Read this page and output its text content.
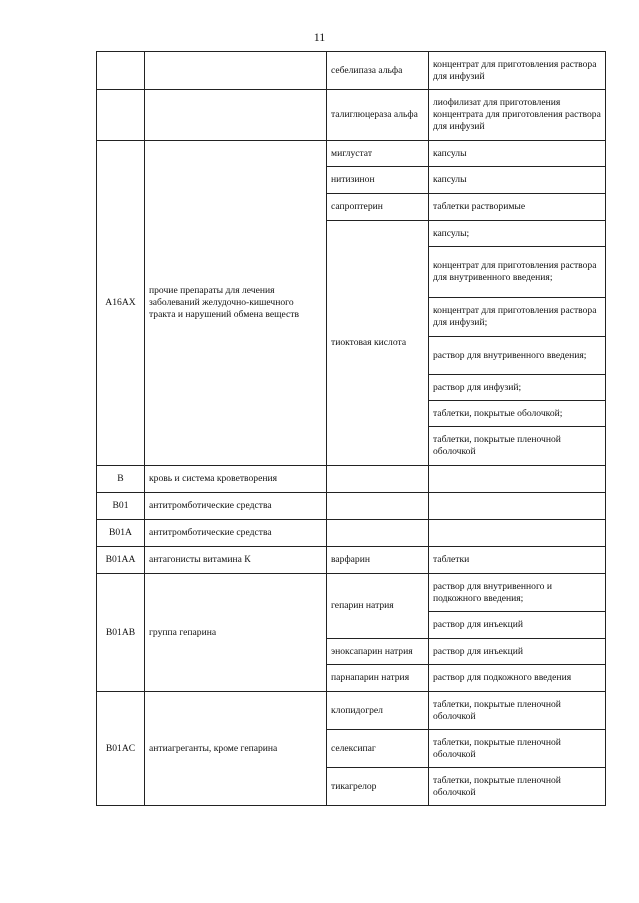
11
		себелипаза альфа	концентрат для приготовления раствора для инфузий
		талиглюцераза альфа	лиофилизат для приготовления концентрата для приготовления раствора для инфузий
A16AX	прочие препараты для лечения заболеваний желудочно-кишечного тракта и нарушений обмена веществ	миглустат	капсулы
		нитизинон	капсулы
		сапроптерин	таблетки растворимые
		тиоктовая кислота	капсулы;
			концентрат для приготовления раствора для внутривенного введения;
			концентрат для приготовления раствора для инфузий;
			раствор для внутривенного введения;
			раствор для инфузий;
			таблетки, покрытые оболочкой;
			таблетки, покрытые пленочной оболочкой
B	кровь и система кроветворения		
B01	антитромботические средства		
B01A	антитромботические средства		
B01AA	антагонисты витамина К	варфарин	таблетки
B01AB	группа гепарина	гепарин натрия	раствор для внутривенного и подкожного введения;
			раствор для инъекций
		эноксапарин натрия	раствор для инъекций
		парнапарин натрия	раствор для подкожного введения
B01AC	антиагреганты, кроме гепарина	клопидогрел	таблетки, покрытые пленочной оболочкой
		селексипаг	таблетки, покрытые пленочной оболочкой
		тикагрелор	таблетки, покрытые пленочной оболочкой
